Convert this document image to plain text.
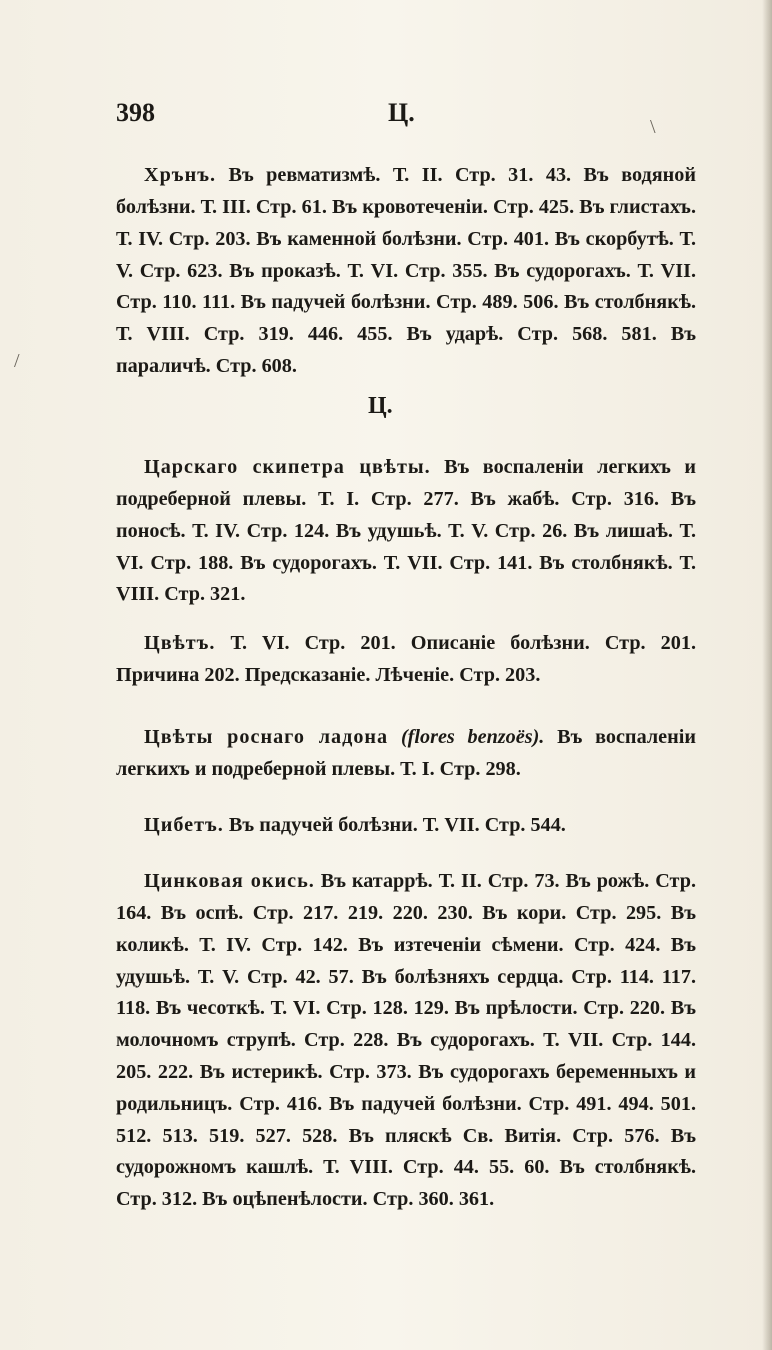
398	Ц.	\
/

Хрънъ. Въ ревматизмѣ. Т. II. Стр. 31. 43. Въ водяной болѣзни. Т. III. Стр. 61. Въ кровотеченіи. Стр. 425. Въ глистахъ. Т. IV. Стр. 203. Въ каменной болѣзни. Стр. 401. Въ скорбутѣ. Т. V. Стр. 623. Въ проказѣ. Т. VI. Стр. 355. Въ судорогахъ. Т. VII. Стр. 110. 111. Въ падучей болѣзни. Стр. 489. 506. Въ столбнякѣ. Т. VIII. Стр. 319. 446. 455. Въ ударѣ. Стр. 568. 581. Въ параличѣ. Стр. 608.

Ц.

Царскаго скипетра цвѣты. Въ воспаленіи легкихъ и подреберной плевы. Т. I. Стр. 277. Въ жабѣ. Стр. 316. Въ поносѣ. Т. IV. Стр. 124. Въ удушьѣ. Т. V. Стр. 26. Въ лишаѣ. Т. VI. Стр. 188. Въ судорогахъ. Т. VII. Стр. 141. Въ столбнякѣ. Т. VIII. Стр. 321.

Цвѣтъ. Т. VI. Стр. 201. Описаніе болѣзни. Стр. 201. Причина 202. Предсказаніе. Лѣченіе. Стр. 203.

Цвѣты роснаго ладона (flores benzoës). Въ воспаленіи легкихъ и подреберной плевы. Т. I. Стр. 298.

Цибетъ. Въ падучей болѣзни. Т. VII. Стр. 544.

Цинковая окись. Въ катаррѣ. Т. II. Стр. 73. Въ рожѣ. Стр. 164. Въ оспѣ. Стр. 217. 219. 220. 230. Въ кори. Стр. 295. Въ коликѣ. Т. IV. Стр. 142. Въ изтеченіи сѣмени. Стр. 424. Въ удушьѣ. Т. V. Стр. 42. 57. Въ болѣзняхъ сердца. Стр. 114. 117. 118. Въ чесоткѣ. Т. VI. Стр. 128. 129. Въ прѣлости. Стр. 220. Въ молочномъ струпѣ. Стр. 228. Въ судорогахъ. Т. VII. Стр. 144. 205. 222. Въ истерикѣ. Стр. 373. Въ судорогахъ беременныхъ и родильницъ. Стр. 416. Въ падучей болѣзни. Стр. 491. 494. 501. 512. 513. 519. 527. 528. Въ пляскѣ Св. Витія. Стр. 576. Въ судорожномъ кашлѣ. Т. VIII. Стр. 44. 55. 60. Въ столбнякѣ. Стр. 312. Въ оцѣпенѣлости. Стр. 360. 361.
